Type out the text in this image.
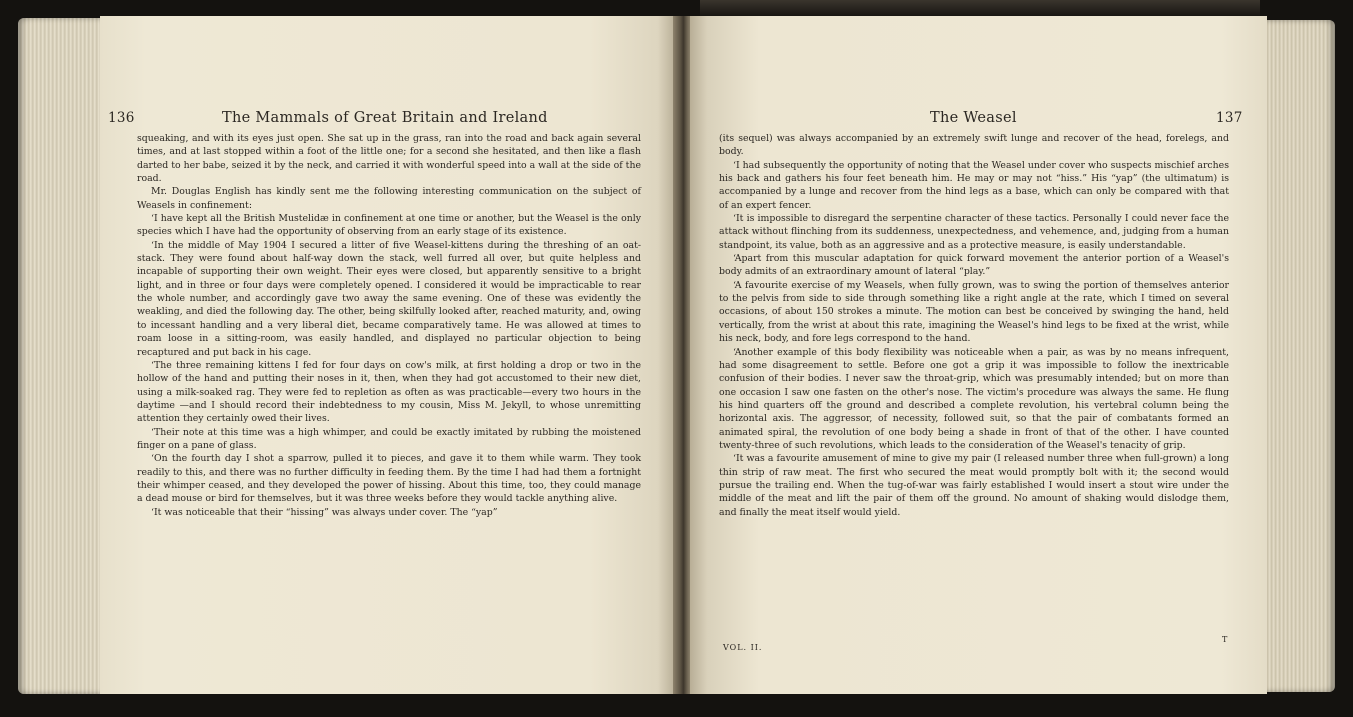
136	The Mammals of Great Britain and Ireland

squeaking, and with its eyes just open. She sat up in the grass, ran into the road and back again several times, and at last stopped within a foot of the little one; for a second she hesitated, and then like a flash darted to her babe, seized it by the neck, and carried it with wonderful speed into a wall at the side of the road.

Mr. Douglas English has kindly sent me the following interesting communication on the subject of Weasels in confinement:

‘I have kept all the British Mustelidæ in confinement at one time or another, but the Weasel is the only species which I have had the opportunity of observing from an early stage of its existence.

‘In the middle of May 1904 I secured a litter of five Weasel-kittens during the threshing of an oat-stack. They were found about half-way down the stack, well furred all over, but quite helpless and incapable of supporting their own weight. Their eyes were closed, but apparently sensitive to a bright light, and in three or four days were completely opened. I considered it would be impracticable to rear the whole number, and accordingly gave two away the same evening. One of these was evidently the weakling, and died the following day. The other, being skilfully looked after, reached maturity, and, owing to incessant handling and a very liberal diet, became comparatively tame. He was allowed at times to roam loose in a sitting-room, was easily handled, and displayed no particular objection to being recaptured and put back in his cage.

‘The three remaining kittens I fed for four days on cow's milk, at first holding a drop or two in the hollow of the hand and putting their noses in it, then, when they had got accustomed to their new diet, using a milk-soaked rag. They were fed to repletion as often as was practicable—every two hours in the daytime —and I should record their indebtedness to my cousin, Miss M. Jekyll, to whose unremitting attention they certainly owed their lives.

‘Their note at this time was a high whimper, and could be exactly imitated by rubbing the moistened finger on a pane of glass.

‘On the fourth day I shot a sparrow, pulled it to pieces, and gave it to them while warm. They took readily to this, and there was no further difficulty in feeding them. By the time I had had them a fortnight their whimper ceased, and they developed the power of hissing. About this time, too, they could manage a dead mouse or bird for themselves, but it was three weeks before they would tackle anything alive.

‘It was noticeable that their “hissing” was always under cover. The “yap”

The Weasel	137

(its sequel) was always accompanied by an extremely swift lunge and recover of the head, forelegs, and body.

‘I had subsequently the opportunity of noting that the Weasel under cover who suspects mischief arches his back and gathers his four feet beneath him. He may or may not “hiss.” His “yap” (the ultimatum) is accompanied by a lunge and recover from the hind legs as a base, which can only be compared with that of an expert fencer.

‘It is impossible to disregard the serpentine character of these tactics. Personally I could never face the attack without flinching from its suddenness, unexpectedness, and vehemence, and, judging from a human standpoint, its value, both as an aggressive and as a protective measure, is easily understandable.

‘Apart from this muscular adaptation for quick forward movement the anterior portion of a Weasel's body admits of an extraordinary amount of lateral “play.”

‘A favourite exercise of my Weasels, when fully grown, was to swing the portion of themselves anterior to the pelvis from side to side through something like a right angle at the rate, which I timed on several occasions, of about 150 strokes a minute. The motion can best be conceived by swinging the hand, held vertically, from the wrist at about this rate, imagining the Weasel's hind legs to be fixed at the wrist, while his neck, body, and fore legs correspond to the hand.

‘Another example of this body flexibility was noticeable when a pair, as was by no means infrequent, had some disagreement to settle. Before one got a grip it was impossible to follow the inextricable confusion of their bodies. I never saw the throat-grip, which was presumably intended; but on more than one occasion I saw one fasten on the other's nose. The victim's procedure was always the same. He flung his hind quarters off the ground and described a complete revolution, his vertebral column being the horizontal axis. The aggressor, of necessity, followed suit, so that the pair of combatants formed an animated spiral, the revolution of one body being a shade in front of that of the other. I have counted twenty-three of such revolutions, which leads to the consideration of the Weasel's tenacity of grip.

‘It was a favourite amusement of mine to give my pair (I released number three when full-grown) a long thin strip of raw meat. The first who secured the meat would promptly bolt with it; the second would pursue the trailing end. When the tug-of-war was fairly established I would insert a stout wire under the middle of the meat and lift the pair of them off the ground. No amount of shaking would dislodge them, and finally the meat itself would yield.

VOL. II.
T
